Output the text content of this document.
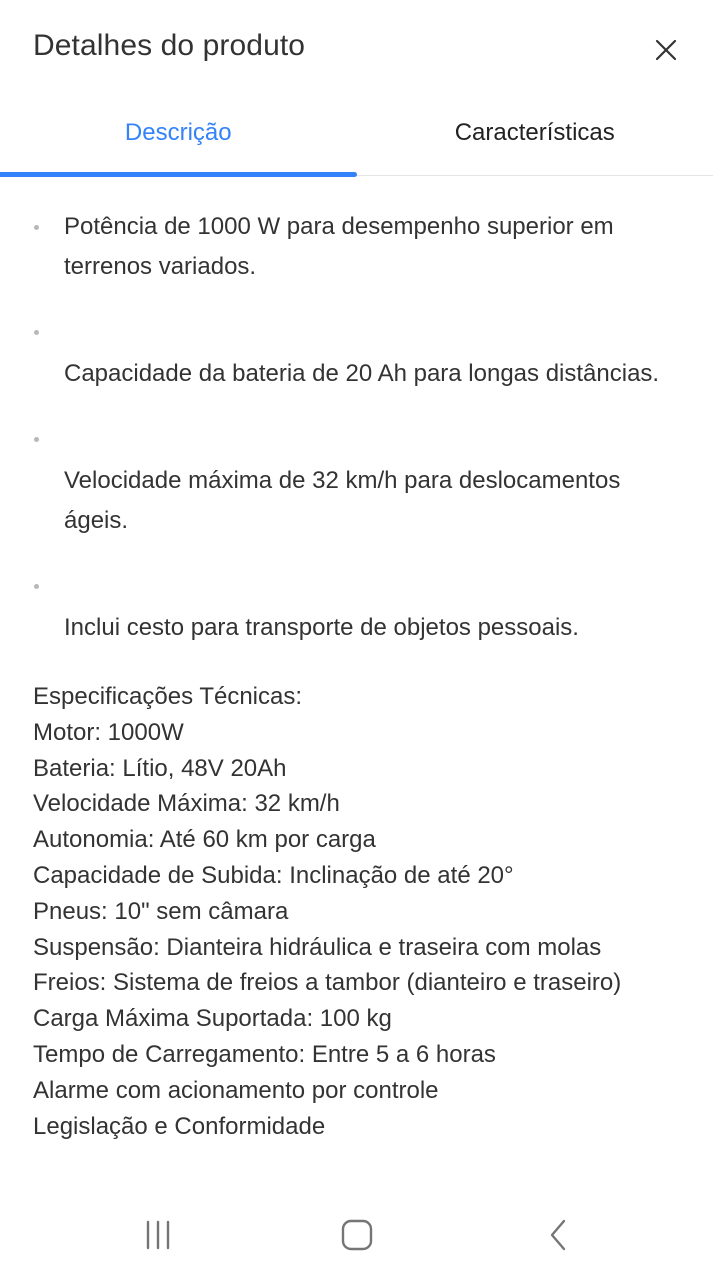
Detalhes do produto
Descrição	Características
Potência de 1000 W para desempenho superior em terrenos variados.
Capacidade da bateria de 20 Ah para longas distâncias.
Velocidade máxima de 32 km/h para deslocamentos ágeis.
Inclui cesto para transporte de objetos pessoais.
Especificações Técnicas:
Motor: 1000W
Bateria: Lítio, 48V 20Ah
Velocidade Máxima: 32 km/h
Autonomia: Até 60 km por carga
Capacidade de Subida: Inclinação de até 20°
Pneus: 10" sem câmara
Suspensão: Dianteira hidráulica e traseira com molas
Freios: Sistema de freios a tambor (dianteiro e traseiro)
Carga Máxima Suportada: 100 kg
Tempo de Carregamento: Entre 5 a 6 horas
Alarme com acionamento por controle
Legislação e Conformidade
